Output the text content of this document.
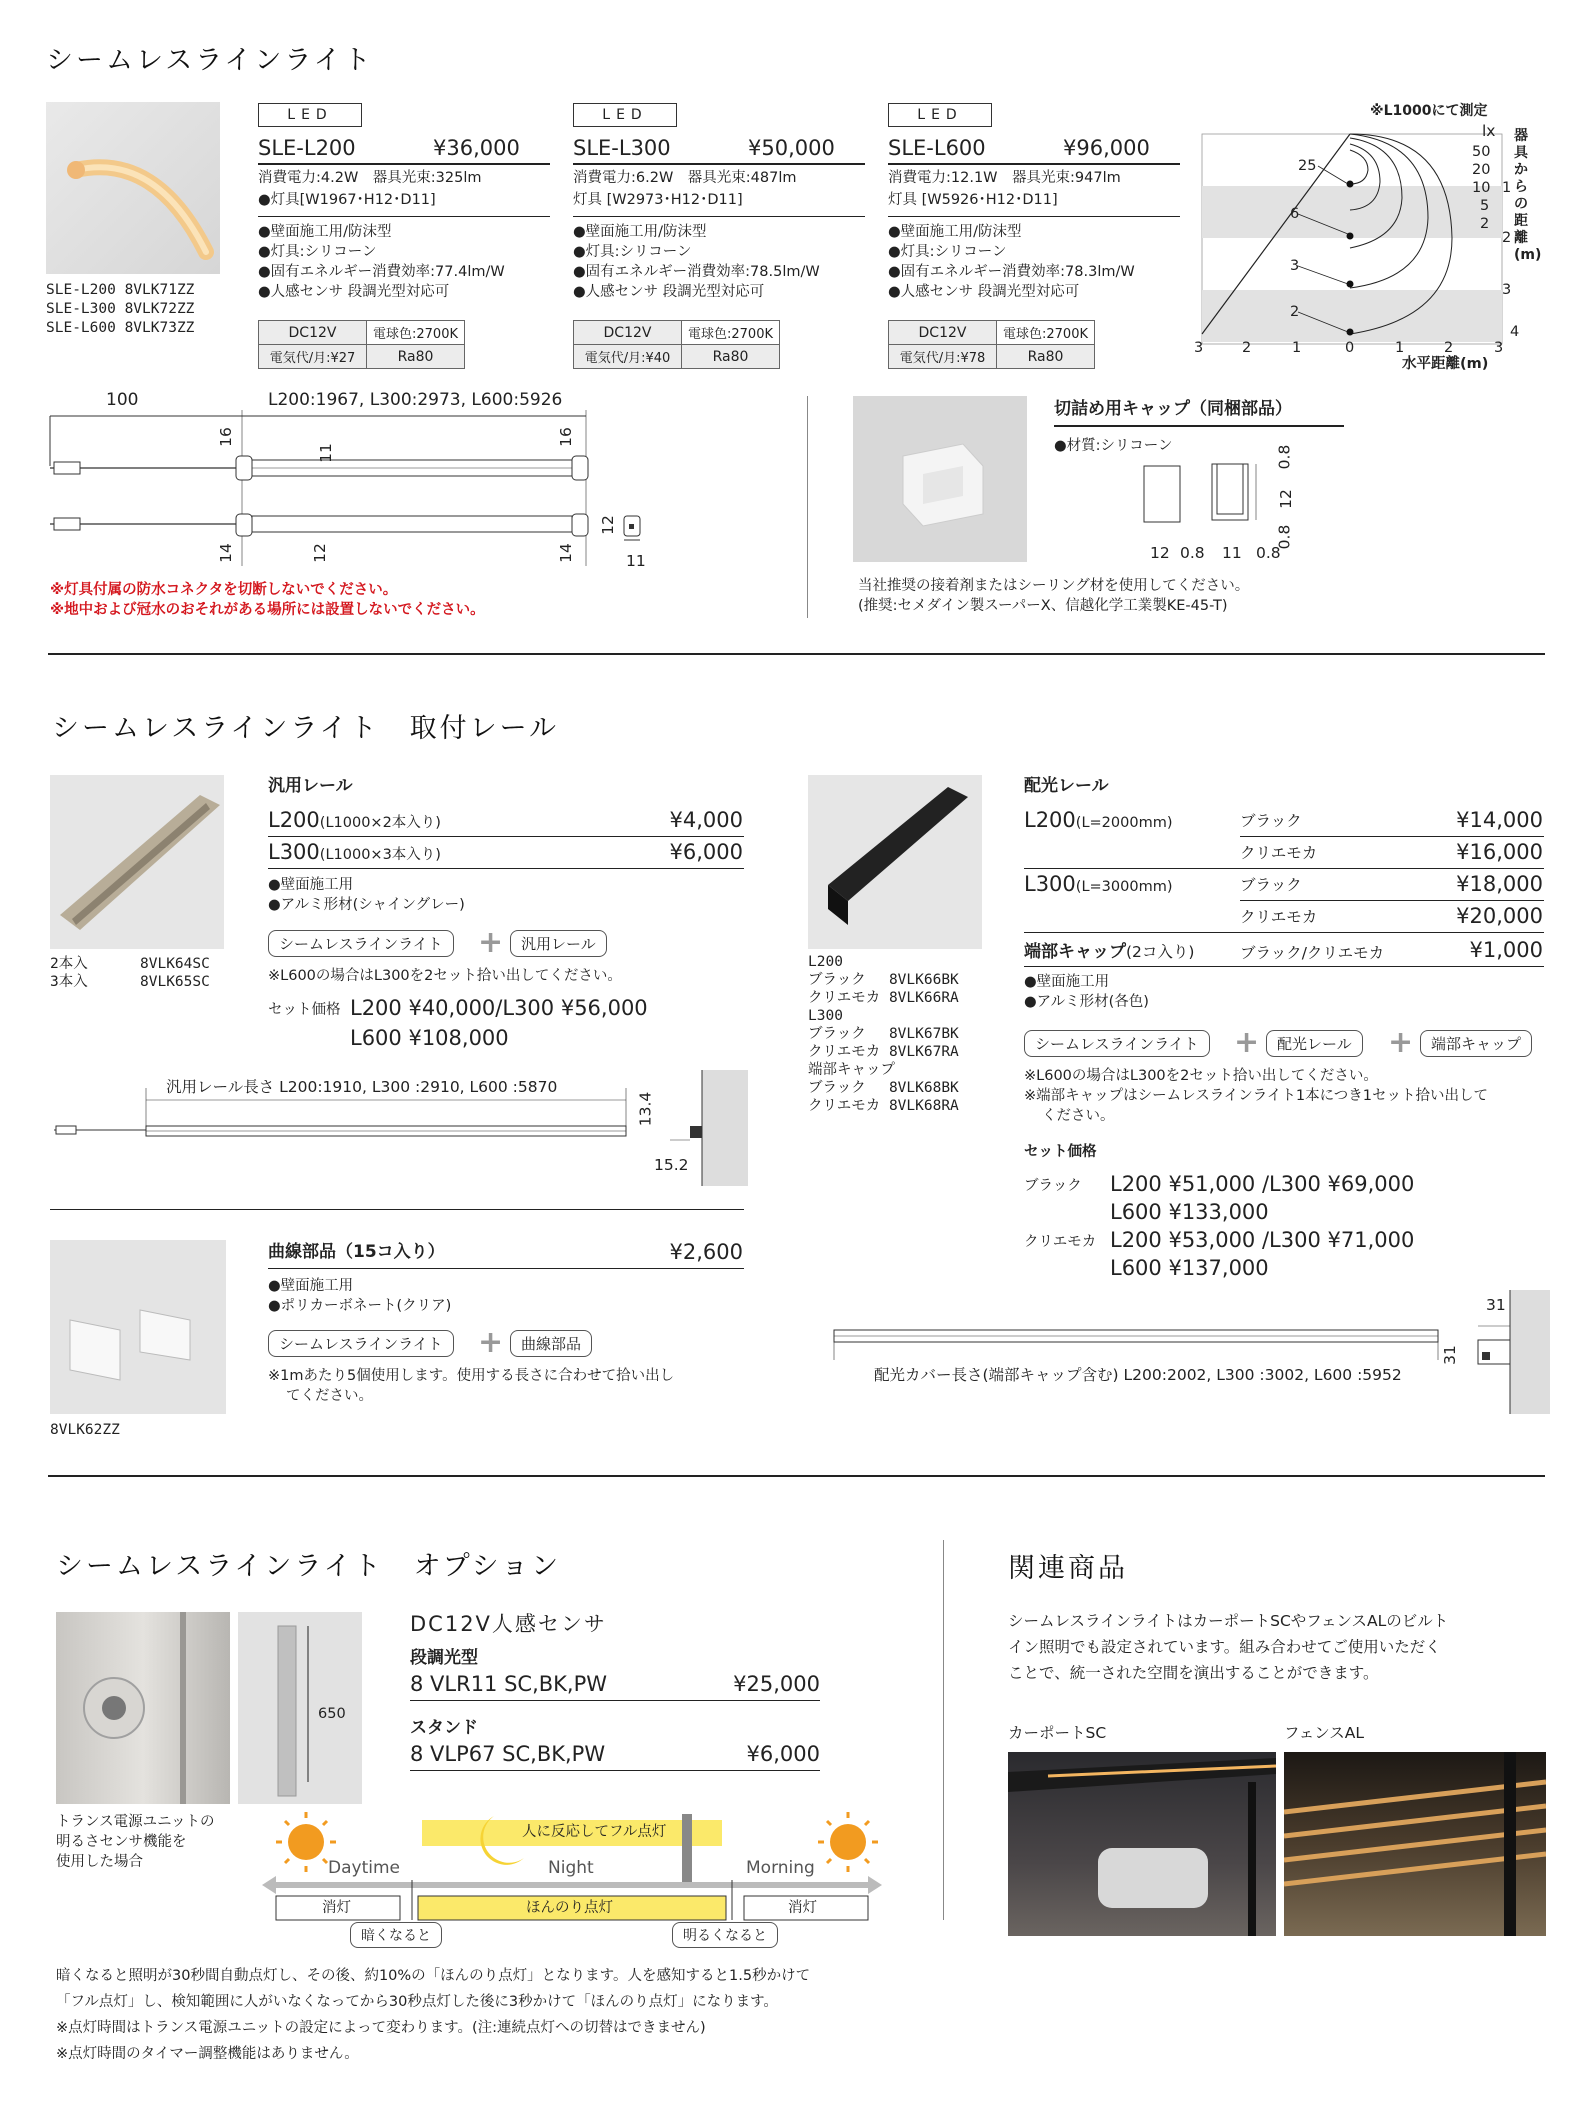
シームレスラインライト
SLE-L200 8VLK71ZZ
SLE-L300 8VLK72ZZ
SLE-L600 8VLK73ZZ
LED
SLE-L200	¥36,000
消費電力:4.2W　器具光束:325lm
●灯具[W1967･H12･D11]
●壁面施工用/防沫型
●灯具:シリコーン
●固有エネルギー消費効率:77.4lm/W
●人感センサ 段調光型対応可
DC12V	電球色:2700K
電気代/月:¥27	Ra80
LED
SLE-L300	¥50,000
消費電力:6.2W　器具光束:487lm
灯具 [W2973･H12･D11]
●壁面施工用/防沫型
●灯具:シリコーン
●固有エネルギー消費効率:78.5lm/W
●人感センサ 段調光型対応可
DC12V	電球色:2700K
電気代/月:¥40	Ra80
LED
SLE-L600	¥96,000
消費電力:12.1W　器具光束:947lm
灯具 [W5926･H12･D11]
●壁面施工用/防沫型
●灯具:シリコーン
●固有エネルギー消費効率:78.3lm/W
●人感センサ 段調光型対応可
DC12V	電球色:2700K
電気代/月:¥78	Ra80
※L1000にて測定
lx
50
20
10
5
2
25
6
3
2
器具からの距離(m)
1
2
3
4
3	2	1	0	1	2	3
水平距離(m)
100	L200:1967, L300:2973, L600:5926
16
11
16
14	12	14
12
11
※灯具付属の防水コネクタを切断しないでください。
※地中および冠水のおそれがある場所には設置しないでください。
切詰め用キャップ（同梱部品）
●材質:シリコーン
12 0.8 11 0.8
0.8
12
0.8
当社推奨の接着剤またはシーリング材を使用してください。
(推奨:セメダイン製スーパーX、信越化学工業製KE-45-T)
シームレスラインライト　取付レール
2本入	8VLK64SC
3本入	8VLK65SC
汎用レール
L200(L1000×2本入り)	¥4,000
L300(L1000×3本入り)	¥6,000
●壁面施工用
●アルミ形材(シャイングレー)
シームレスラインライト	+	汎用レール
※L600の場合はL300を2セット拾い出してください。
セット価格 L200 ¥40,000/L300 ¥56,000
L600 ¥108,000
汎用レール長さ L200:1910, L300 :2910, L600 :5870
13.4
15.2
8VLK62ZZ
曲線部品（15コ入り）	¥2,600
●壁面施工用
●ポリカーボネート(クリア)
シームレスラインライト	+	曲線部品
※1mあたり5個使用します。使用する長さに合わせて拾い出し
てください。
L200
ブラック　 8VLK66BK
クリエモカ 8VLK66RA
L300
ブラック　 8VLK67BK
クリエモカ 8VLK67RA
端部キャップ
ブラック　 8VLK68BK
クリエモカ 8VLK68RA
配光レール
L200(L=2000mm)	ブラック	¥14,000
クリエモカ	¥16,000
L300(L=3000mm)	ブラック	¥18,000
クリエモカ	¥20,000
端部キャップ(2コ入り)	ブラック/クリエモカ	¥1,000
●壁面施工用
●アルミ形材(各色)
シームレスラインライト	+	配光レール	+	端部キャップ
※L600の場合はL300を2セット拾い出してください。
※端部キャップはシームレスラインライト1本につき1セット拾い出して
ください。
セット価格
ブラック L200 ¥51,000 /L300 ¥69,000
L600 ¥133,000
クリエモカ L200 ¥53,000 /L300 ¥71,000
L600 ¥137,000
配光カバー長さ(端部キャップ含む) L200:2002, L300 :3002, L600 :5952
31
31
シームレスラインライト　オプション
650
トランス電源ユニットの
明るさセンサ機能を
使用した場合
DC12V人感センサ
段調光型
8 VLR11 SC,BK,PW	¥25,000
スタンド
8 VLP67 SC,BK,PW	¥6,000
人に反応してフル点灯
Daytime	Night	Morning
消灯	ほんのり点灯	消灯
暗くなると	明るくなると
暗くなると照明が30秒間自動点灯し、その後、約10%の「ほんのり点灯」となります。人を感知すると1.5秒かけて
「フル点灯」し、検知範囲に人がいなくなってから30秒点灯した後に3秒かけて「ほんのり点灯」になります。
※点灯時間はトランス電源ユニットの設定によって変わります。(注:連続点灯への切替はできません)
※点灯時間のタイマー調整機能はありません。
関連商品
シームレスラインライトはカーポートSCやフェンスALのビルト
イン照明でも設定されています。組み合わせてご使用いただく
ことで、統一された空間を演出することができます。
カーポートSC	フェンスAL
